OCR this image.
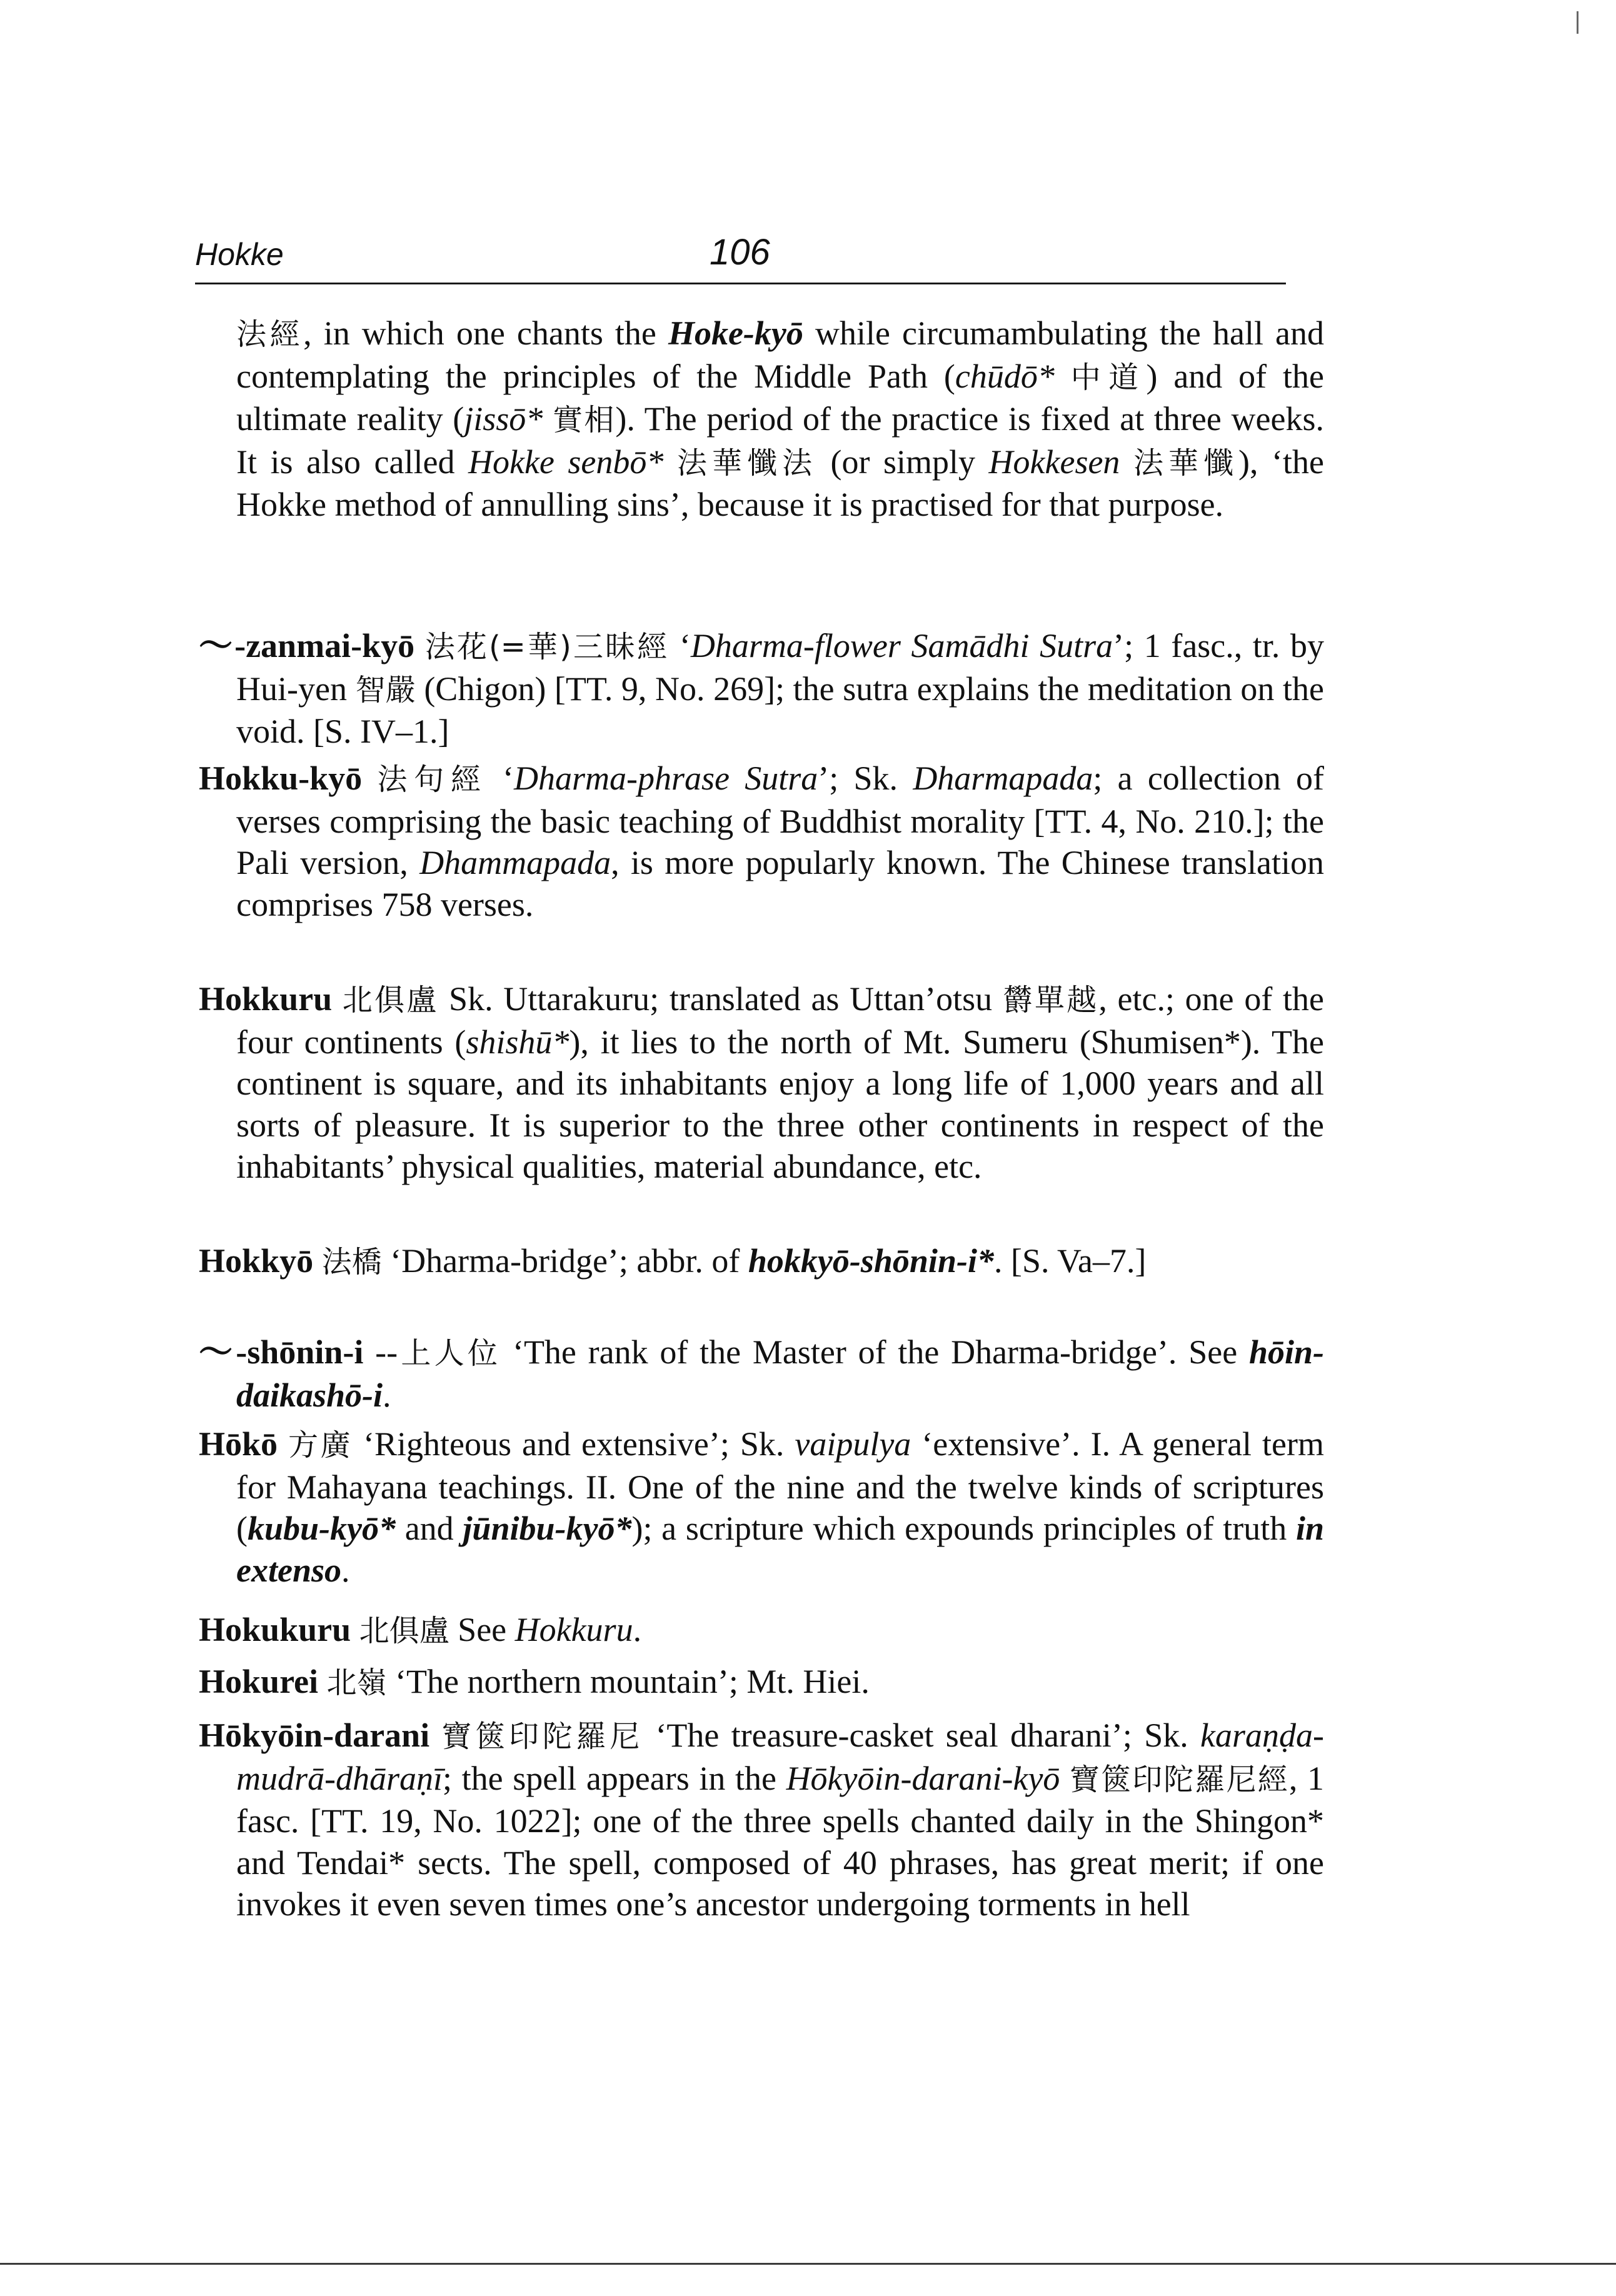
Hokke	106
法經, in which one chants the Hoke-kyō while circumambulating the hall and contemplating the principles of the Middle Path (chūdō* 中道) and of the ultimate reality (jissō* 實相). The period of the practice is fixed at three weeks. It is also called Hokke senbō* 法華懺法 (or simply Hokkesen 法華懺), ‘the Hokke method of annulling sins’, because it is practised for that purpose.
～-zanmai-kyō 法花(=華)三昧經 ‘Dharma-flower Samādhi Sutra’; 1 fasc., tr. by Hui-yen 智嚴 (Chigon) [TT. 9, No. 269]; the sutra explains the meditation on the void. [S. IV–1.]
Hokku-kyō 法句經 ‘Dharma-phrase Sutra’; Sk. Dharmapada; a collection of verses comprising the basic teaching of Buddhist morality [TT. 4, No. 210.]; the Pali version, Dhammapada, is more popularly known. The Chinese translation comprises 758 verses.
Hokkuru 北俱盧 Sk. Uttarakuru; translated as Uttan’otsu 欝單越, etc.; one of the four continents (shishū*), it lies to the north of Mt. Sumeru (Shumisen*). The continent is square, and its inhabitants enjoy a long life of 1,000 years and all sorts of pleasure. It is superior to the three other continents in respect of the inhabitants’ physical qualities, material abundance, etc.
Hokkyō 法橋 ‘Dharma-bridge’; abbr. of hokkyō-shōnin-i*. [S. Va–7.]
～-shōnin-i --上人位 ‘The rank of the Master of the Dharma-bridge’. See hōin-daikashō-i.
Hōkō 方廣 ‘Righteous and extensive’; Sk. vaipulya ‘extensive’. I. A general term for Mahayana teachings. II. One of the nine and the twelve kinds of scriptures (kubu-kyō* and jūnibu-kyō*); a scripture which expounds principles of truth in extenso.
Hokukuru 北俱盧 See Hokkuru.
Hokurei 北嶺 ‘The northern mountain’; Mt. Hiei.
Hōkyōin-darani 寶篋印陀羅尼 ‘The treasure-casket seal dharani’; Sk. karaṇḍa-mudrā-dhāraṇī; the spell appears in the Hōkyōin-darani-kyō 寶篋印陀羅尼經, 1 fasc. [TT. 19, No. 1022]; one of the three spells chanted daily in the Shingon* and Tendai* sects. The spell, composed of 40 phrases, has great merit; if one invokes it even seven times one’s ancestor undergoing torments in hell
